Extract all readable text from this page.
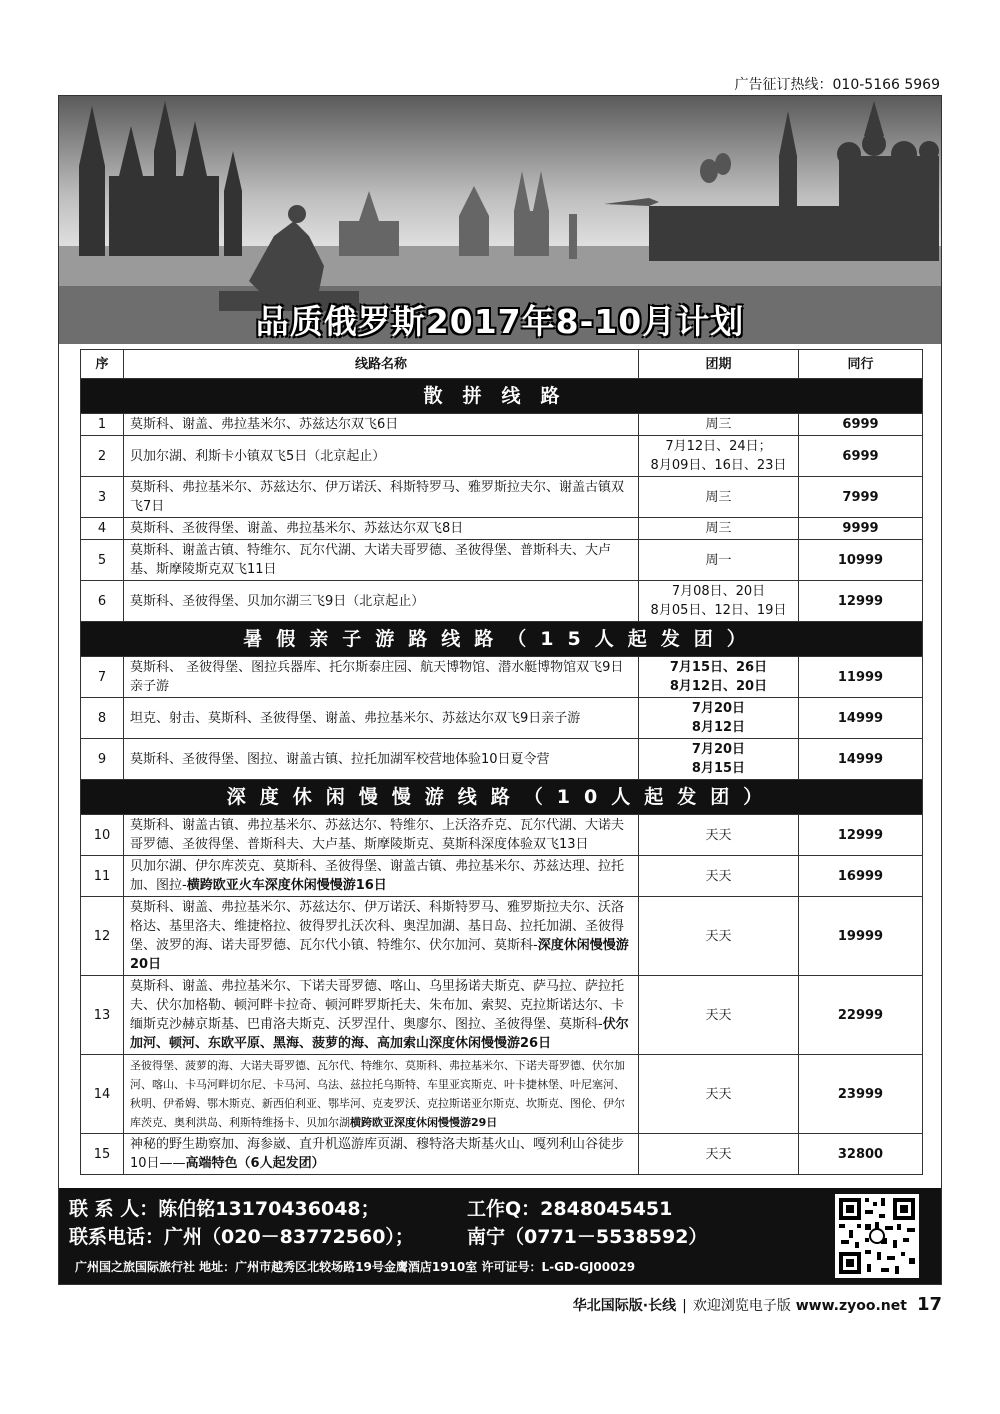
广告征订热线：010-5166 5969
品质俄罗斯2017年8-10月计划
序	线路名称	团期	同行
散拼线路			
1	莫斯科、谢盖、弗拉基米尔、苏兹达尔双飞6日	周三	6999
2	贝加尔湖、利斯卡小镇双飞5日（北京起止）	7月12日、24日；
8月09日、16日、23日	6999
3	莫斯科、弗拉基米尔、苏兹达尔、伊万诺沃、科斯特罗马、雅罗斯拉夫尔、谢盖古镇双飞7日	周三	7999
4	莫斯科、圣彼得堡、谢盖、弗拉基米尔、苏兹达尔双飞8日	周三	9999
5	莫斯科、谢盖古镇、特维尔、瓦尔代湖、大诺夫哥罗德、圣彼得堡、普斯科夫、大卢基、斯摩陵斯克双飞11日	周一	10999
6	莫斯科、圣彼得堡、贝加尔湖三飞9日（北京起止）	7月08日、20日
8月05日、12日、19日	12999
暑假亲子游路线路（15人起发团）			
7	莫斯科、 圣彼得堡、图拉兵器库、托尔斯泰庄园、航天博物馆、潜水艇博物馆双飞9日亲子游	7月15日、26日
8月12日、20日	11999
8	坦克、射击、莫斯科、圣彼得堡、谢盖、弗拉基米尔、苏兹达尔双飞9日亲子游	7月20日
8月12日	14999
9	莫斯科、圣彼得堡、图拉、谢盖古镇、拉托加湖军校营地体验10日夏令营	7月20日
8月15日	14999
深度休闲慢慢游线路（10人起发团）			
10	莫斯科、谢盖古镇、弗拉基米尔、苏兹达尔、特维尔、上沃洛乔克、瓦尔代湖、大诺夫哥罗德、圣彼得堡、普斯科夫、大卢基、斯摩陵斯克、莫斯科深度体验双飞13日	天天	12999
11	贝加尔湖、伊尔库茨克、莫斯科、圣彼得堡、谢盖古镇、弗拉基米尔、苏兹达理、拉托加、图拉-横跨欧亚火车深度休闲慢慢游16日	天天	16999
12	莫斯科、谢盖、弗拉基米尔、苏兹达尔、伊万诺沃、科斯特罗马、雅罗斯拉夫尔、沃洛格达、基里洛夫、维捷格拉、彼得罗扎沃次科、奥涅加湖、基日岛、拉托加湖、圣彼得堡、波罗的海、诺夫哥罗德、瓦尔代小镇、特维尔、伏尔加河、莫斯科-深度休闲慢慢游20日	天天	19999
13	莫斯科、谢盖、弗拉基米尔、下诺夫哥罗德、喀山、乌里扬诺夫斯克、萨马拉、萨拉托夫、伏尔加格勒、顿河畔卡拉奇、顿河畔罗斯托夫、朱布加、索契、克拉斯诺达尔、卡缅斯克沙赫京斯基、巴甫洛夫斯克、沃罗涅什、奥廖尔、图拉、圣彼得堡、莫斯科-伏尔加河、顿河、东欧平原、黑海、菠萝的海、高加索山深度休闲慢慢游26日	天天	22999
14	圣彼得堡、菠萝的海、大诺夫哥罗德、瓦尔代、特维尔、莫斯科、弗拉基米尔、下诺夫哥罗德、伏尔加河、喀山、卡马河畔切尔尼、卡马河、乌法、兹拉托乌斯特、车里亚宾斯克、叶卡捷林堡、叶尼塞河、秋明、伊希姆、鄂木斯克、新西伯利亚、鄂毕河、克麦罗沃、克拉斯诺亚尔斯克、坎斯克、图伦、伊尔库茨克、奥利洪岛、利斯特维扬卡、贝加尔湖横跨欧亚深度休闲慢慢游29日	天天	23999
15	神秘的野生勘察加、海参崴、直升机巡游库页湖、穆特洛夫斯基火山、嘎列利山谷徒步10日——高端特色（6人起发团）	天天	32800
联 系 人：陈伯铭13170436048；	工作Q：2848045451
联系电话：广州（020－83772560）；	南宁（0771－5538592）
广州国之旅国际旅行社 地址：广州市越秀区北较场路19号金鹰酒店1910室 许可证号：L-GD-GJ00029
华北国际版·长线 | 欢迎浏览电子版 www.zyoo.net 17
